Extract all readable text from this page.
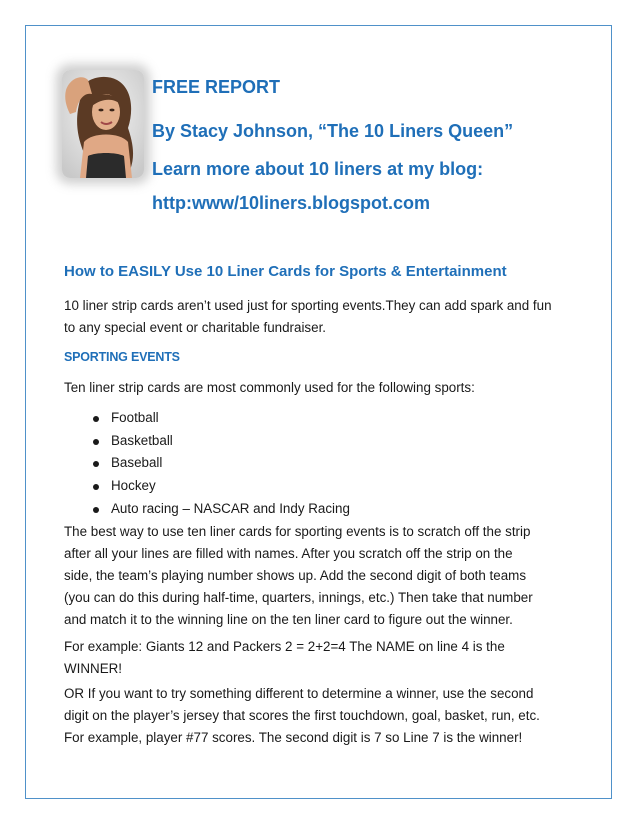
FREE REPORT

By Stacy Johnson, “The 10 Liners Queen”

Learn more about 10 liners at my blog:

http:www/10liners.blogspot.com

How to EASILY Use 10 Liner Cards for Sports & Entertainment
10 liner strip cards aren’t used just for sporting events.They can add spark and fun
to any special event or charitable fundraiser.
SPORTING EVENTS
Ten liner strip cards are most commonly used for the following sports:
Football
Basketball
Baseball
Hockey
Auto racing – NASCAR and Indy Racing
The best way to use ten liner cards for sporting events is to scratch off the strip
after all your lines are filled with names. After you scratch off the strip on the
side, the team’s playing number shows up. Add the second digit of both teams
(you can do this during half-time, quarters, innings, etc.) Then take that number
and match it to the winning line on the ten liner card to figure out the winner.
For example: Giants 12 and Packers 2 = 2+2=4 The NAME on line 4 is the
WINNER!
OR If you want to try something different to determine a winner, use the second
digit on the player’s jersey that scores the first touchdown, goal, basket, run, etc.
For example, player #77 scores. The second digit is 7 so Line 7 is the winner!
